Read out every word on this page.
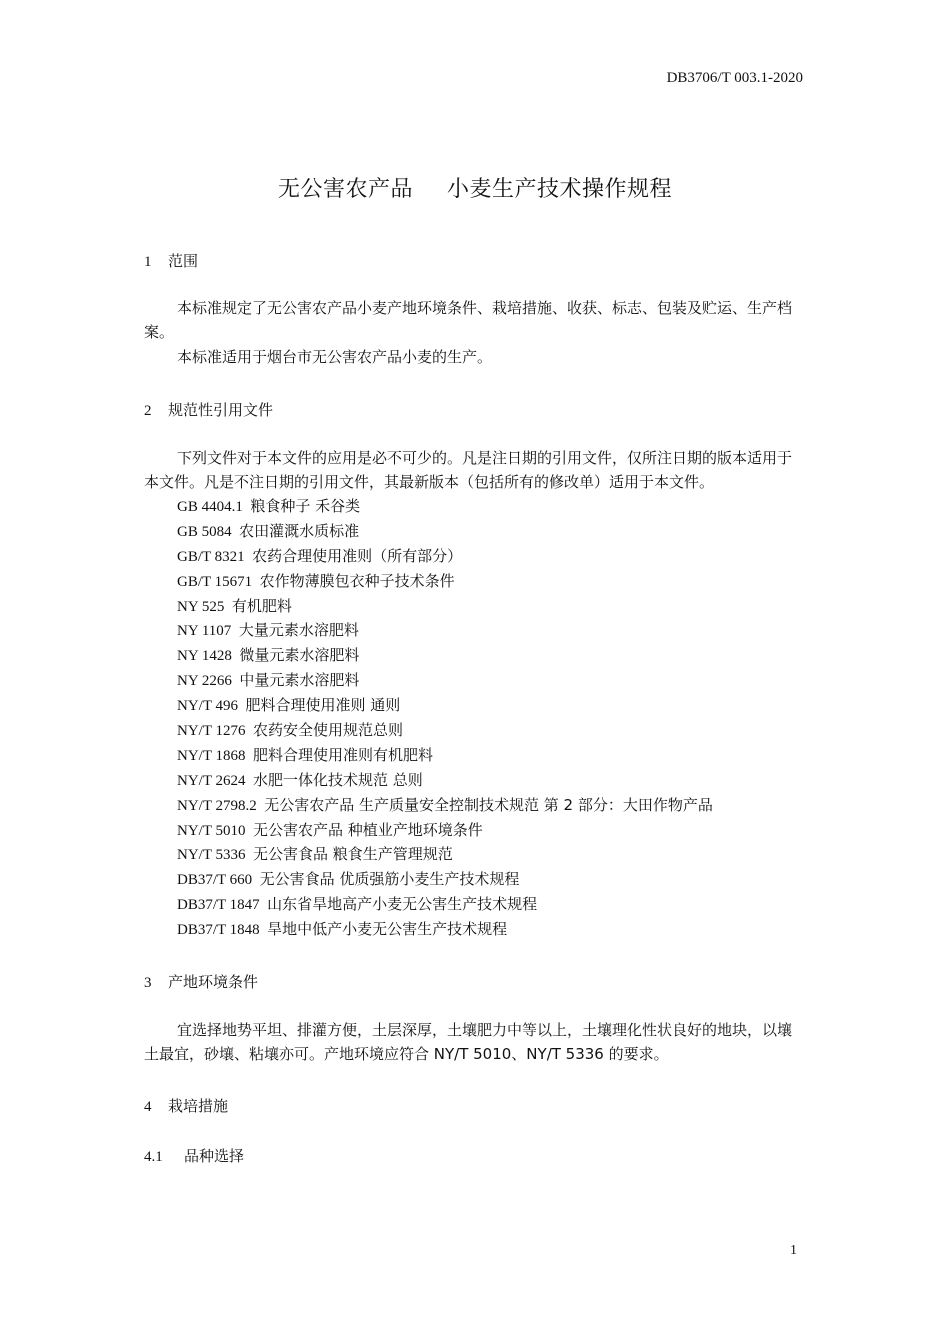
DB3706/T 003.1-2020
无公害农产品 小麦生产技术操作规程
1 范围
本标准规定了无公害农产品小麦产地环境条件、栽培措施、收获、标志、包装及贮运、生产档案。
本标准适用于烟台市无公害农产品小麦的生产。
2 规范性引用文件
下列文件对于本文件的应用是必不可少的。凡是注日期的引用文件，仅所注日期的版本适用于本文件。凡是不注日期的引用文件，其最新版本（包括所有的修改单）适用于本文件。
GB 4404.1  粮食种子 禾谷类
GB 5084  农田灌溉水质标准
GB/T 8321  农药合理使用准则（所有部分）
GB/T 15671  农作物薄膜包衣种子技术条件
NY 525  有机肥料
NY 1107  大量元素水溶肥料
NY 1428  微量元素水溶肥料
NY 2266  中量元素水溶肥料
NY/T 496  肥料合理使用准则 通则
NY/T 1276  农药安全使用规范总则
NY/T 1868  肥料合理使用准则有机肥料
NY/T 2624  水肥一体化技术规范 总则
NY/T 2798.2  无公害农产品 生产质量安全控制技术规范 第 2 部分：大田作物产品
NY/T 5010  无公害农产品 种植业产地环境条件
NY/T 5336  无公害食品 粮食生产管理规范
DB37/T 660  无公害食品 优质强筋小麦生产技术规程
DB37/T 1847  山东省旱地高产小麦无公害生产技术规程
DB37/T 1848  旱地中低产小麦无公害生产技术规程
3 产地环境条件
宜选择地势平坦、排灌方便，土层深厚，土壤肥力中等以上，土壤理化性状良好的地块，以壤土最宜，砂壤、粘壤亦可。产地环境应符合 NY/T 5010、NY/T 5336 的要求。
4 栽培措施
4.1 品种选择
1
